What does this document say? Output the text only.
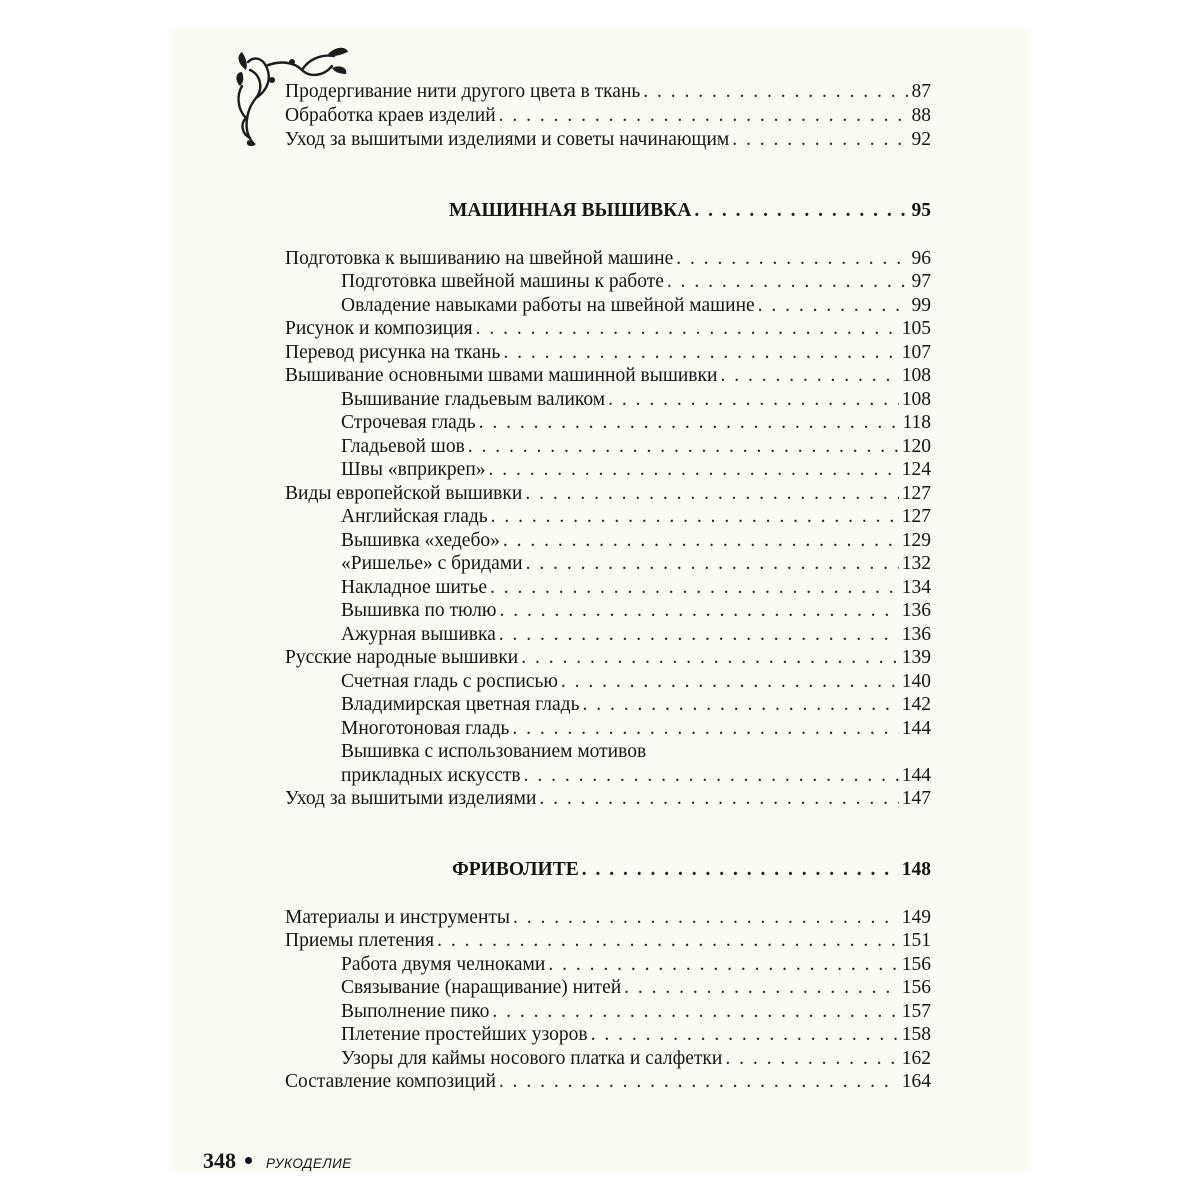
Продергивание нити другого цвета в ткань . . .	87
Обработка краев изделий . . .	88
Уход за вышитыми изделиями и советы начинающим . . .	92
МАШИННАЯ ВЫШИВКА . . .	95
Подготовка к вышиванию на швейной машине . . .	96
Подготовка швейной машины к работе . . .	97
Овладение навыками работы на швейной машине . . .	99
Рисунок и композиция . . .	105
Перевод рисунка на ткань . . .	107
Вышивание основными швами машинной вышивки . . .	108
Вышивание гладьевым валиком . . .	108
Строчевая гладь . . .	118
Гладьевой шов . . .	120
Швы «вприкреп» . . .	124
Виды европейской вышивки . . .	127
Английская гладь . . .	127
Вышивка «хедебо» . . .	129
«Ришелье» с бридами . . .	132
Накладное шитье . . .	134
Вышивка по тюлю . . .	136
Ажурная вышивка . . .	136
Русские народные вышивки . . .	139
Счетная гладь с росписью . . .	140
Владимирская цветная гладь . . .	142
Многотоновая гладь . . .	144
Вышивка с использованием мотивов
прикладных искусств . . .	144
Уход за вышитыми изделиями . . .	147
ФРИВОЛИТЕ . . .	148
Материалы и инструменты . . .	149
Приемы плетения . . .	151
Работа двумя челноками . . .	156
Связывание (наращивание) нитей . . .	156
Выполнение пико . . .	157
Плетение простейших узоров . . .	158
Узоры для каймы носового платка и салфетки . . .	162
Составление композиций . . .	164
348 РУКОДЕЛИЕ
